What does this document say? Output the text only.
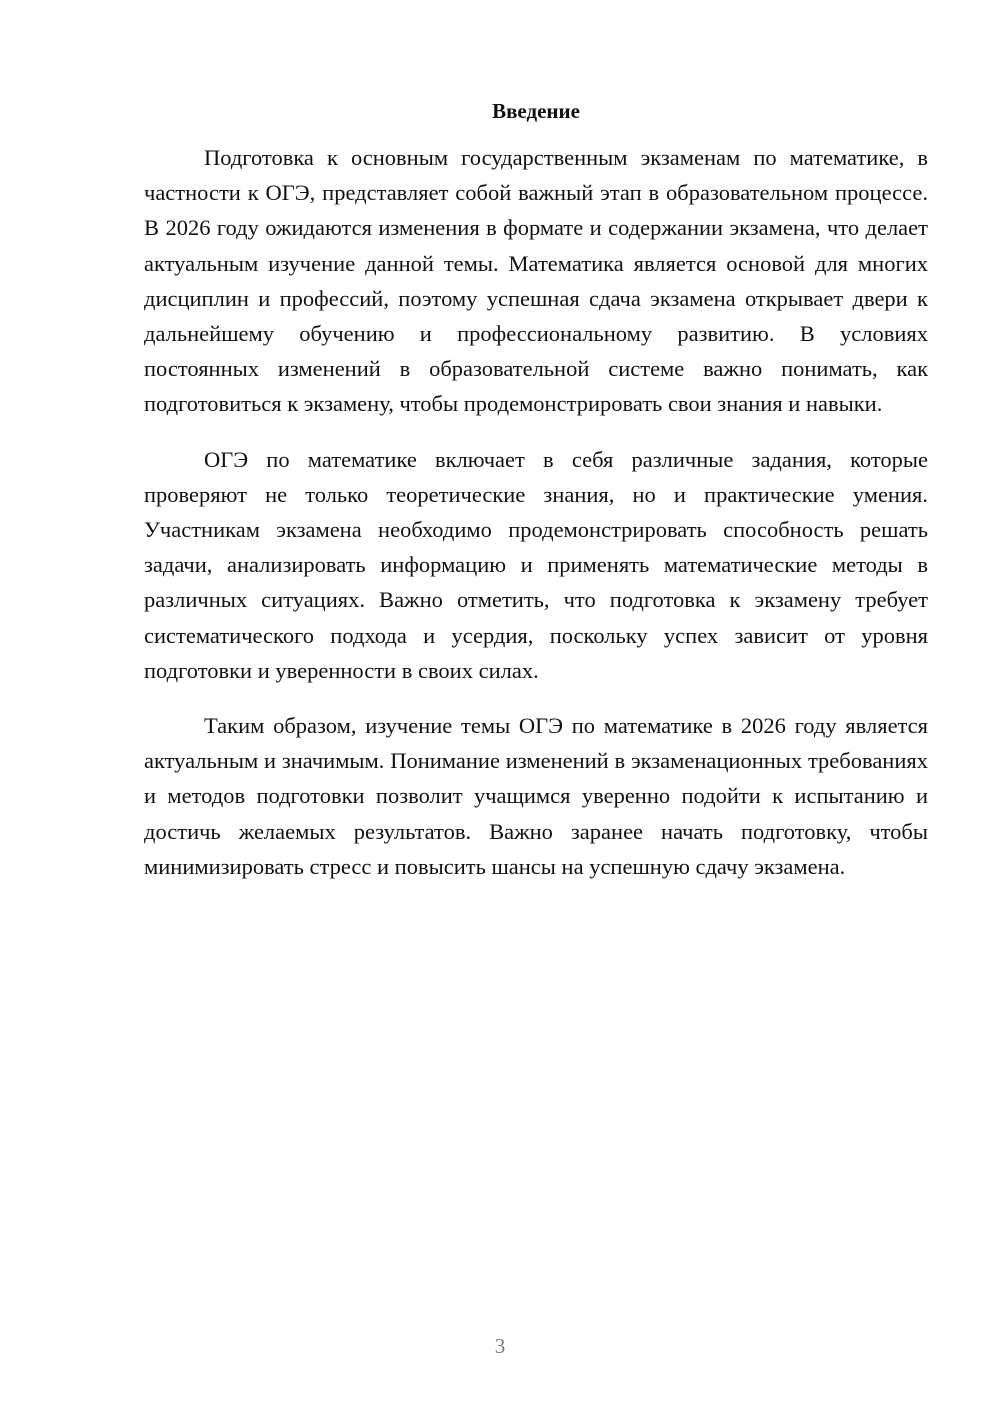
Введение

Подготовка к основным государственным экзаменам по математике, в частности к ОГЭ, представляет собой важный этап в образовательном процессе. В 2026 году ожидаются изменения в формате и содержании экзамена, что делает актуальным изучение данной темы. Математика является основой для многих дисциплин и профессий, поэтому успешная сдача экзамена открывает двери к дальнейшему обучению и профессиональному развитию. В условиях постоянных изменений в образовательной системе важно понимать, как подготовиться к экзамену, чтобы продемонстрировать свои знания и навыки.

ОГЭ по математике включает в себя различные задания, которые проверяют не только теоретические знания, но и практические умения. Участникам экзамена необходимо продемонстрировать способность решать задачи, анализировать информацию и применять математические методы в различных ситуациях. Важно отметить, что подготовка к экзамену требует систематического подхода и усердия, поскольку успех зависит от уровня подготовки и уверенности в своих силах.

Таким образом, изучение темы ОГЭ по математике в 2026 году является актуальным и значимым. Понимание изменений в экзаменационных требованиях и методов подготовки позволит учащимся уверенно подойти к испытанию и достичь желаемых результатов. Важно заранее начать подготовку, чтобы минимизировать стресс и повысить шансы на успешную сдачу экзамена.

3
